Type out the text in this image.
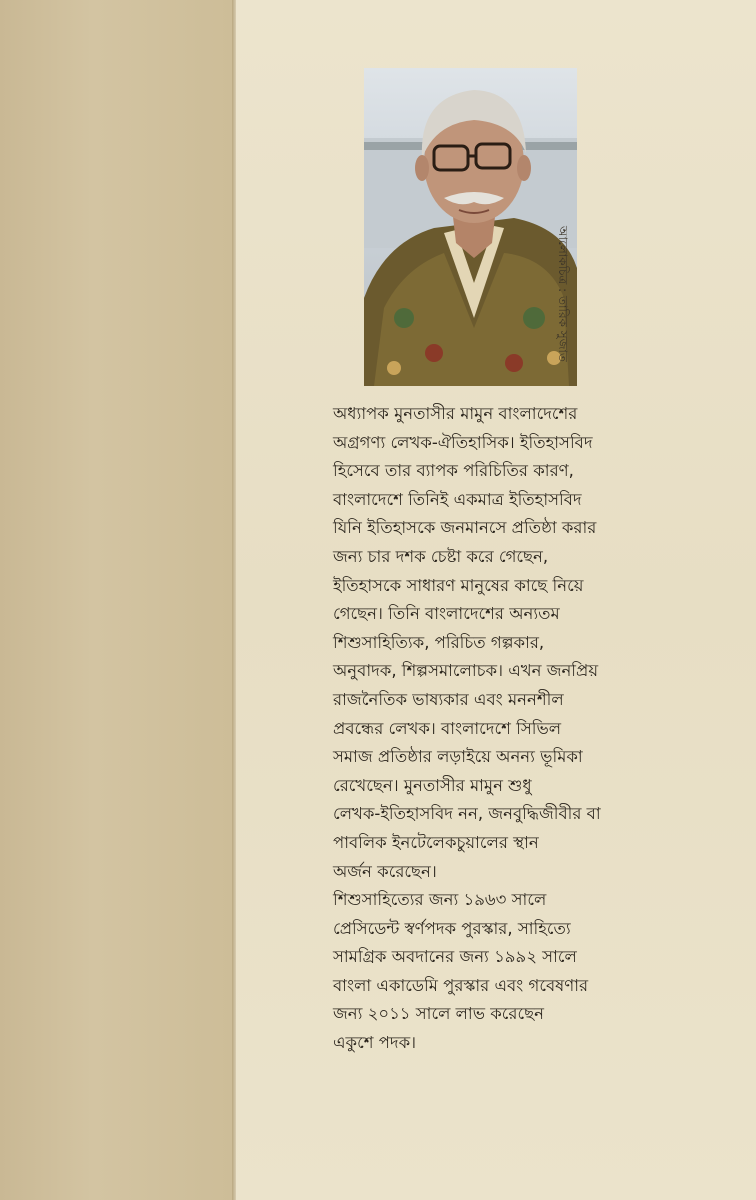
আলোকচিত্র : তারিক সুজাত

অধ্যাপক মুনতাসীর মামুন বাংলাদেশের

অগ্রগণ্য লেখক-ঐতিহাসিক। ইতিহাসবিদ

হিসেবে তার ব্যাপক পরিচিতির কারণ,

বাংলাদেশে তিনিই একমাত্র ইতিহাসবিদ

যিনি ইতিহাসকে জনমানসে প্রতিষ্ঠা করার

জন্য চার দশক চেষ্টা করে গেছেন,

ইতিহাসকে সাধারণ মানুষের কাছে নিয়ে

গেছেন। তিনি বাংলাদেশের অন্যতম

শিশুসাহিত্যিক, পরিচিত গল্পকার,

অনুবাদক, শিল্পসমালোচক। এখন জনপ্রিয়

রাজনৈতিক ভাষ্যকার এবং মননশীল

প্রবন্ধের লেখক। বাংলাদেশে সিভিল

সমাজ প্রতিষ্ঠার লড়াইয়ে অনন্য ভূমিকা

রেখেছেন। মুনতাসীর মামুন শুধু

লেখক-ইতিহাসবিদ নন, জনবুদ্ধিজীবীর বা

পাবলিক ইনটেলেকচুয়ালের স্থান

অর্জন করেছেন।

শিশুসাহিত্যের জন্য ১৯৬৩ সালে

প্রেসিডেন্ট স্বর্ণপদক পুরস্কার, সাহিত্যে

সামগ্রিক অবদানের জন্য ১৯৯২ সালে

বাংলা একাডেমি পুরস্কার এবং গবেষণার

জন্য ২০১১ সালে লাভ করেছেন

একুশে পদক।
